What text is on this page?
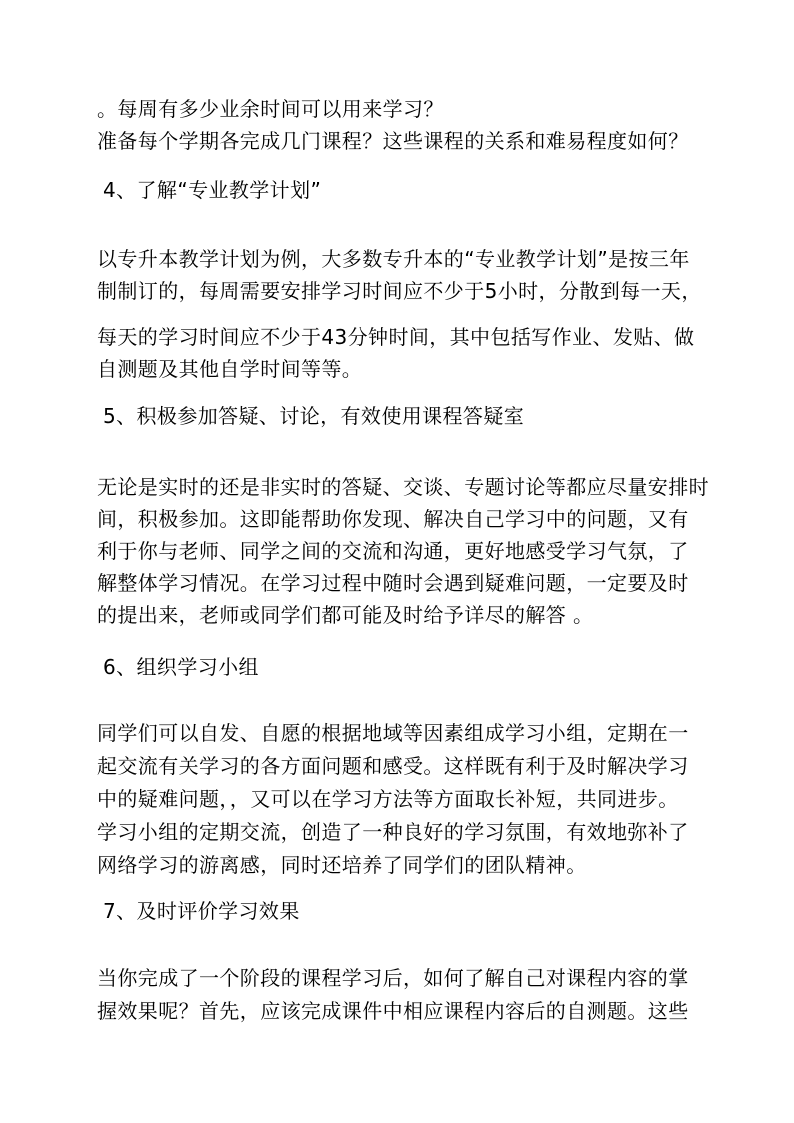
。每周有多少业余时间可以用来学习？

准备每个学期各完成几门课程？这些课程的关系和难易程度如何？

4、了解“专业教学计划”

以专升本教学计划为例，大多数专升本的“专业教学计划”是按三年

制制订的，每周需要安排学习时间应不少于5小时，分散到每一天，

每天的学习时间应不少于43分钟时间，其中包括写作业、发贴、做

自测题及其他自学时间等等。

5、积极参加答疑、讨论，有效使用课程答疑室

无论是实时的还是非实时的答疑、交谈、专题讨论等都应尽量安排时

间，积极参加。这即能帮助你发现、解决自己学习中的问题，又有

利于你与老师、同学之间的交流和沟通，更好地感受学习气氛，了

解整体学习情况。在学习过程中随时会遇到疑难问题，一定要及时

的提出来，老师或同学们都可能及时给予详尽的解答 。

6、组织学习小组

同学们可以自发、自愿的根据地域等因素组成学习小组，定期在一

起交流有关学习的各方面问题和感受。这样既有利于及时解决学习

中的疑难问题，，又可以在学习方法等方面取长补短，共同进步。

学习小组的定期交流，创造了一种良好的学习氛围，有效地弥补了

网络学习的游离感，同时还培养了同学们的团队精神。

7、及时评价学习效果

当你完成了一个阶段的课程学习后，如何了解自己对课程内容的掌

握效果呢？首先，应该完成课件中相应课程内容后的自测题。这些
